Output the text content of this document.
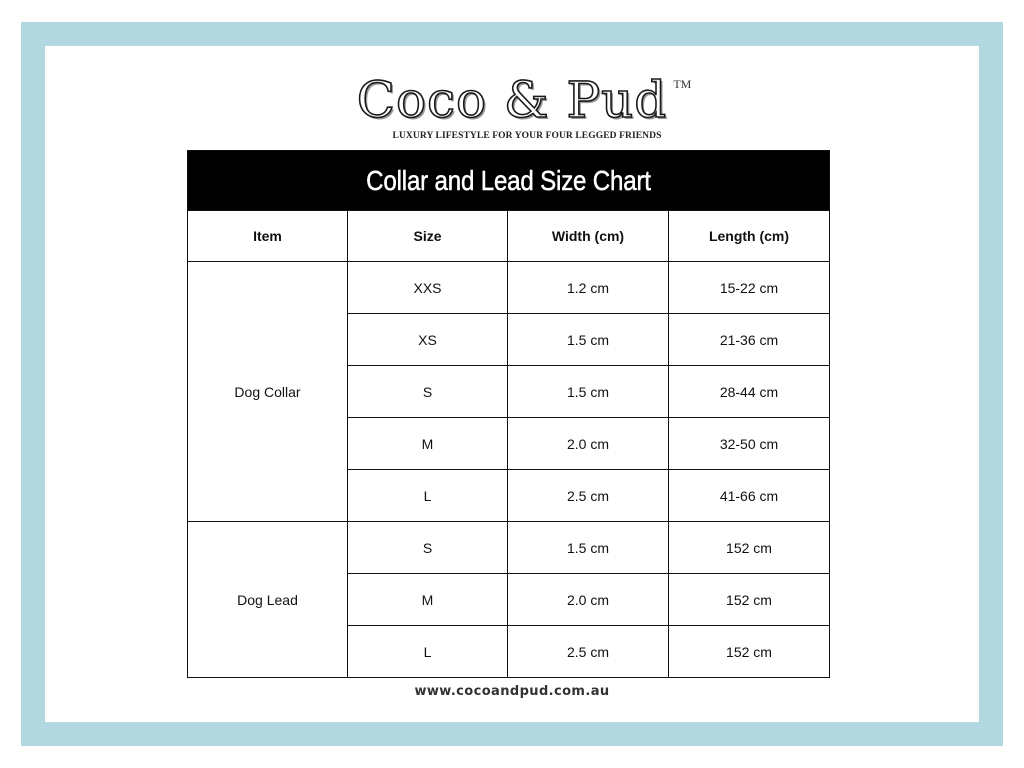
Coco & Pud TM
LUXURY LIFESTYLE FOR YOUR FOUR LEGGED FRIENDS
Collar and Lead Size Chart			
Item	Size	Width (cm)	Length (cm)
Dog Collar	XXS	1.2 cm	15-22 cm
	XS	1.5 cm	21-36 cm
	S	1.5 cm	28-44 cm
	M	2.0 cm	32-50 cm
	L	2.5 cm	41-66 cm
Dog Lead	S	1.5 cm	152 cm
	M	2.0 cm	152 cm
	L	2.5 cm	152 cm
www.cocoandpud.com.au
